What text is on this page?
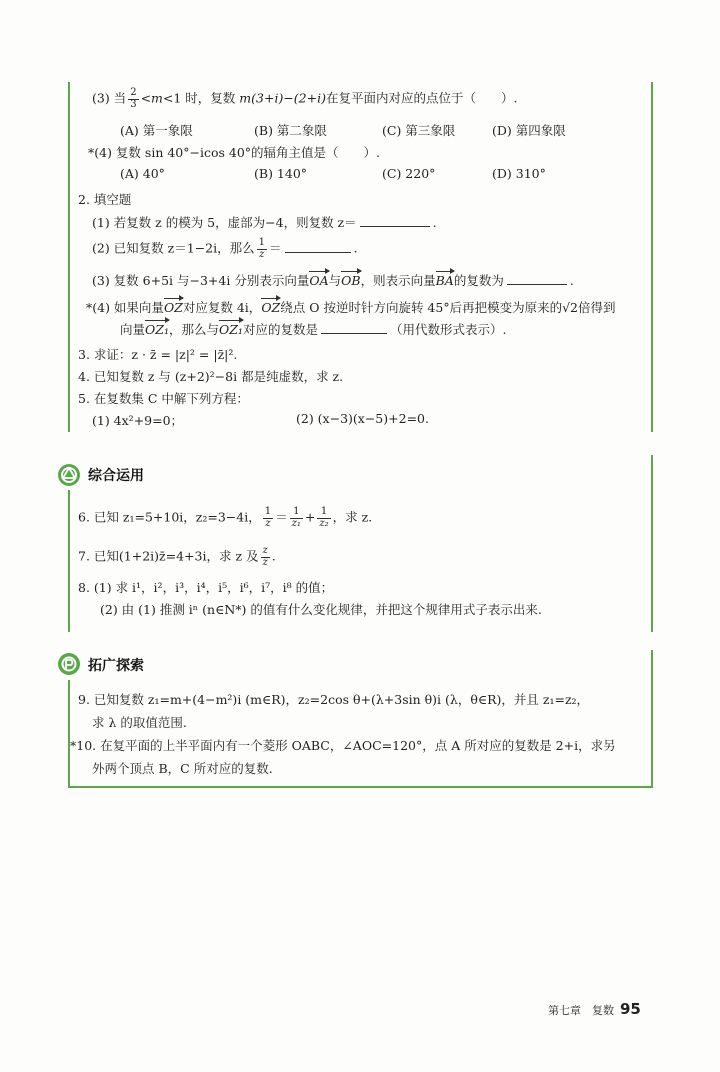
(3) 当 $\frac{2}{3} <m<1$ 时，复数 m(3+i)−(2+i)在复平面内对应的点位于（　　）.
(A) 第一象限	(B) 第二象限	(C) 第三象限	(D) 第四象限
*(4) 复数 sin 40°−icos 40°的辐角主值是（　　）.
(A) 40°	(B) 140°	(C) 220°	(D) 310°
2. 填空题
(1) 若复数 z 的模为 5，虚部为−4，则复数 z＝	.
(2) 已知复数 z＝1−2i，那么 $\frac{1}{z}$ ＝	.
(3) 复数 6+5i 与−3+4i 分别表示向量OA与OB，则表示向量BA的复数为	.
*(4) 如果向量OZ对应复数 4i，OZ绕点 O 按逆时针方向旋转 45°后再把模变为原来的√2倍得到
向量OZ₁，那么与OZ₁对应的复数是	（用代数形式表示）.
3. 求证：z · z̄ = |z|² = |z̄|².
4. 已知复数 z 与 (z+2)²−8i 都是纯虚数，求 z.
5. 在复数集 C 中解下列方程：
(1) 4x²+9=0；	(2) (x−3)(x−5)+2=0.
综合运用
6. 已知 z₁=5+10i，z₂=3−4i， $\frac{1}{z} = \frac{1}{\text{z₁}} + \frac{1}{\text{z₂}}$ ，求 z.
7. 已知(1+2i)z̄=4+3i，求 z 及 $\frac{z}{z̄}$ .
8. (1) 求 i¹，i²，i³，i⁴，i⁵，i⁶，i⁷，i⁸ 的值；
(2) 由 (1) 推测 iⁿ (n∈N*) 的值有什么变化规律，并把这个规律用式子表示出来.
拓广探索
9. 已知复数 z₁=m+(4−m²)i (m∈R)，z₂=2cos θ+(λ+3sin θ)i (λ，θ∈R)，并且 z₁=z₂，
求 λ 的取值范围.
*10. 在复平面的上半平面内有一个菱形 OABC，∠AOC=120°，点 A 所对应的复数是 2+i，求另
外两个顶点 B，C 所对应的复数.
第七章　复数 95
